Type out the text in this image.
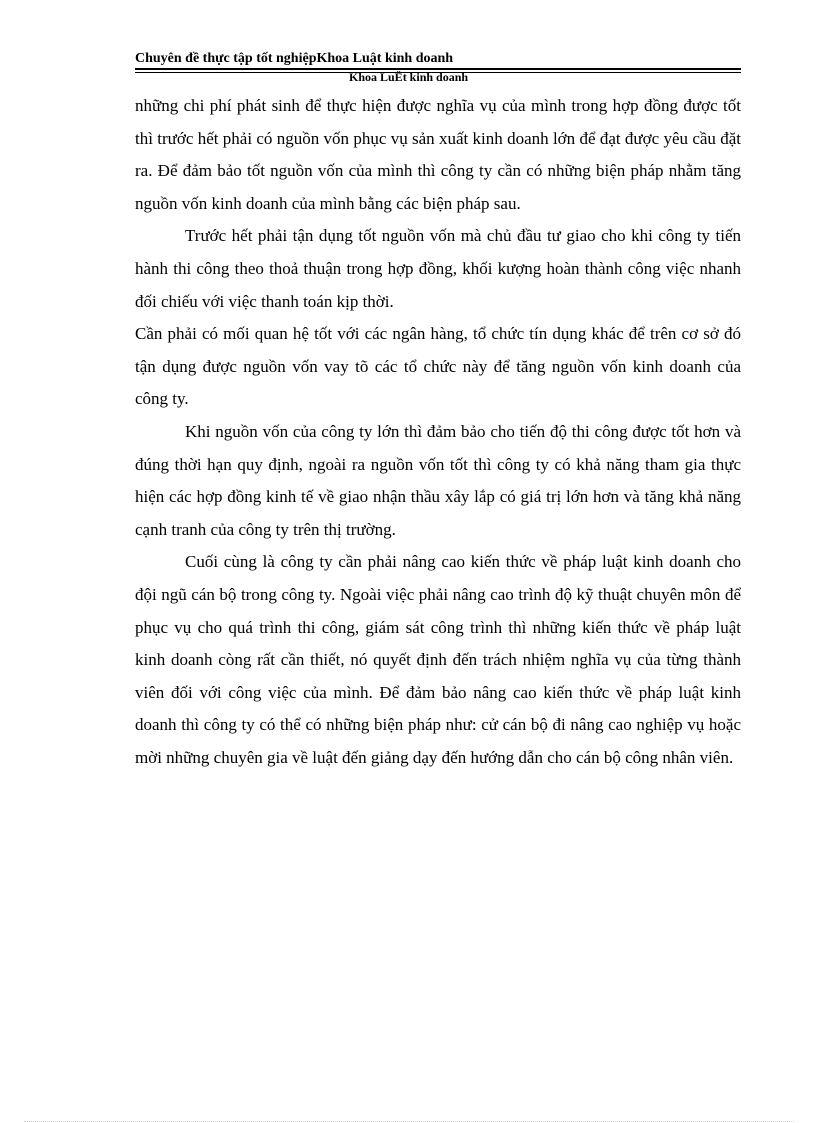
Chuyên đề thực tập tốt nghiệpKhoa Luật kinh doanh
Khoa LuËt kinh doanh

những chi phí phát sinh để thực hiện được nghĩa vụ của mình trong hợp đồng được tốt thì trước hết phải có nguồn vốn phục vụ sản xuất kinh doanh lớn để đạt được yêu cầu đặt ra. Để đảm bảo tốt nguồn vốn của mình thì công ty cần có những biện pháp nhằm tăng nguồn vốn kinh doanh của mình bằng các biện pháp sau.

Trước hết phải tận dụng tốt nguồn vốn mà chủ đầu tư giao cho khi công ty tiến hành thi công theo thoả thuận trong hợp đồng, khối kượng hoàn thành công việc nhanh đối chiếu với việc thanh toán kịp thời.

Cần phải có mối quan hệ tốt với các ngân hàng, tổ chức tín dụng khác để trên cơ sở đó tận dụng được nguồn vốn vay tõ các tổ chức này để tăng nguồn vốn kinh doanh của công ty.

Khi nguồn vốn của công ty lớn thì đảm bảo cho tiến độ thi công được tốt hơn và đúng thời hạn quy định, ngoài ra nguồn vốn tốt thì công ty có khả năng tham gia thực hiện các hợp đồng kinh tế về giao nhận thầu xây lắp có giá trị lớn hơn và tăng khả năng cạnh tranh của công ty trên thị trường.

Cuối cùng là công ty cần phải nâng cao kiến thức về pháp luật kinh doanh cho đội ngũ cán bộ trong công ty. Ngoài việc phải nâng cao trình độ kỹ thuật chuyên môn để phục vụ cho quá trình thi công, giám sát công trình thì những kiến thức về pháp luật kinh doanh còng rất cần thiết, nó quyết định đến trách nhiệm nghĩa vụ của từng thành viên đối với công việc của mình. Để đảm bảo nâng cao kiến thức về pháp luật kinh doanh thì công ty có thể có những biện pháp như: cử cán bộ đi nâng cao nghiệp vụ hoặc mời những chuyên gia về luật đến giảng dạy đến hướng dẫn cho cán bộ công nhân viên.
